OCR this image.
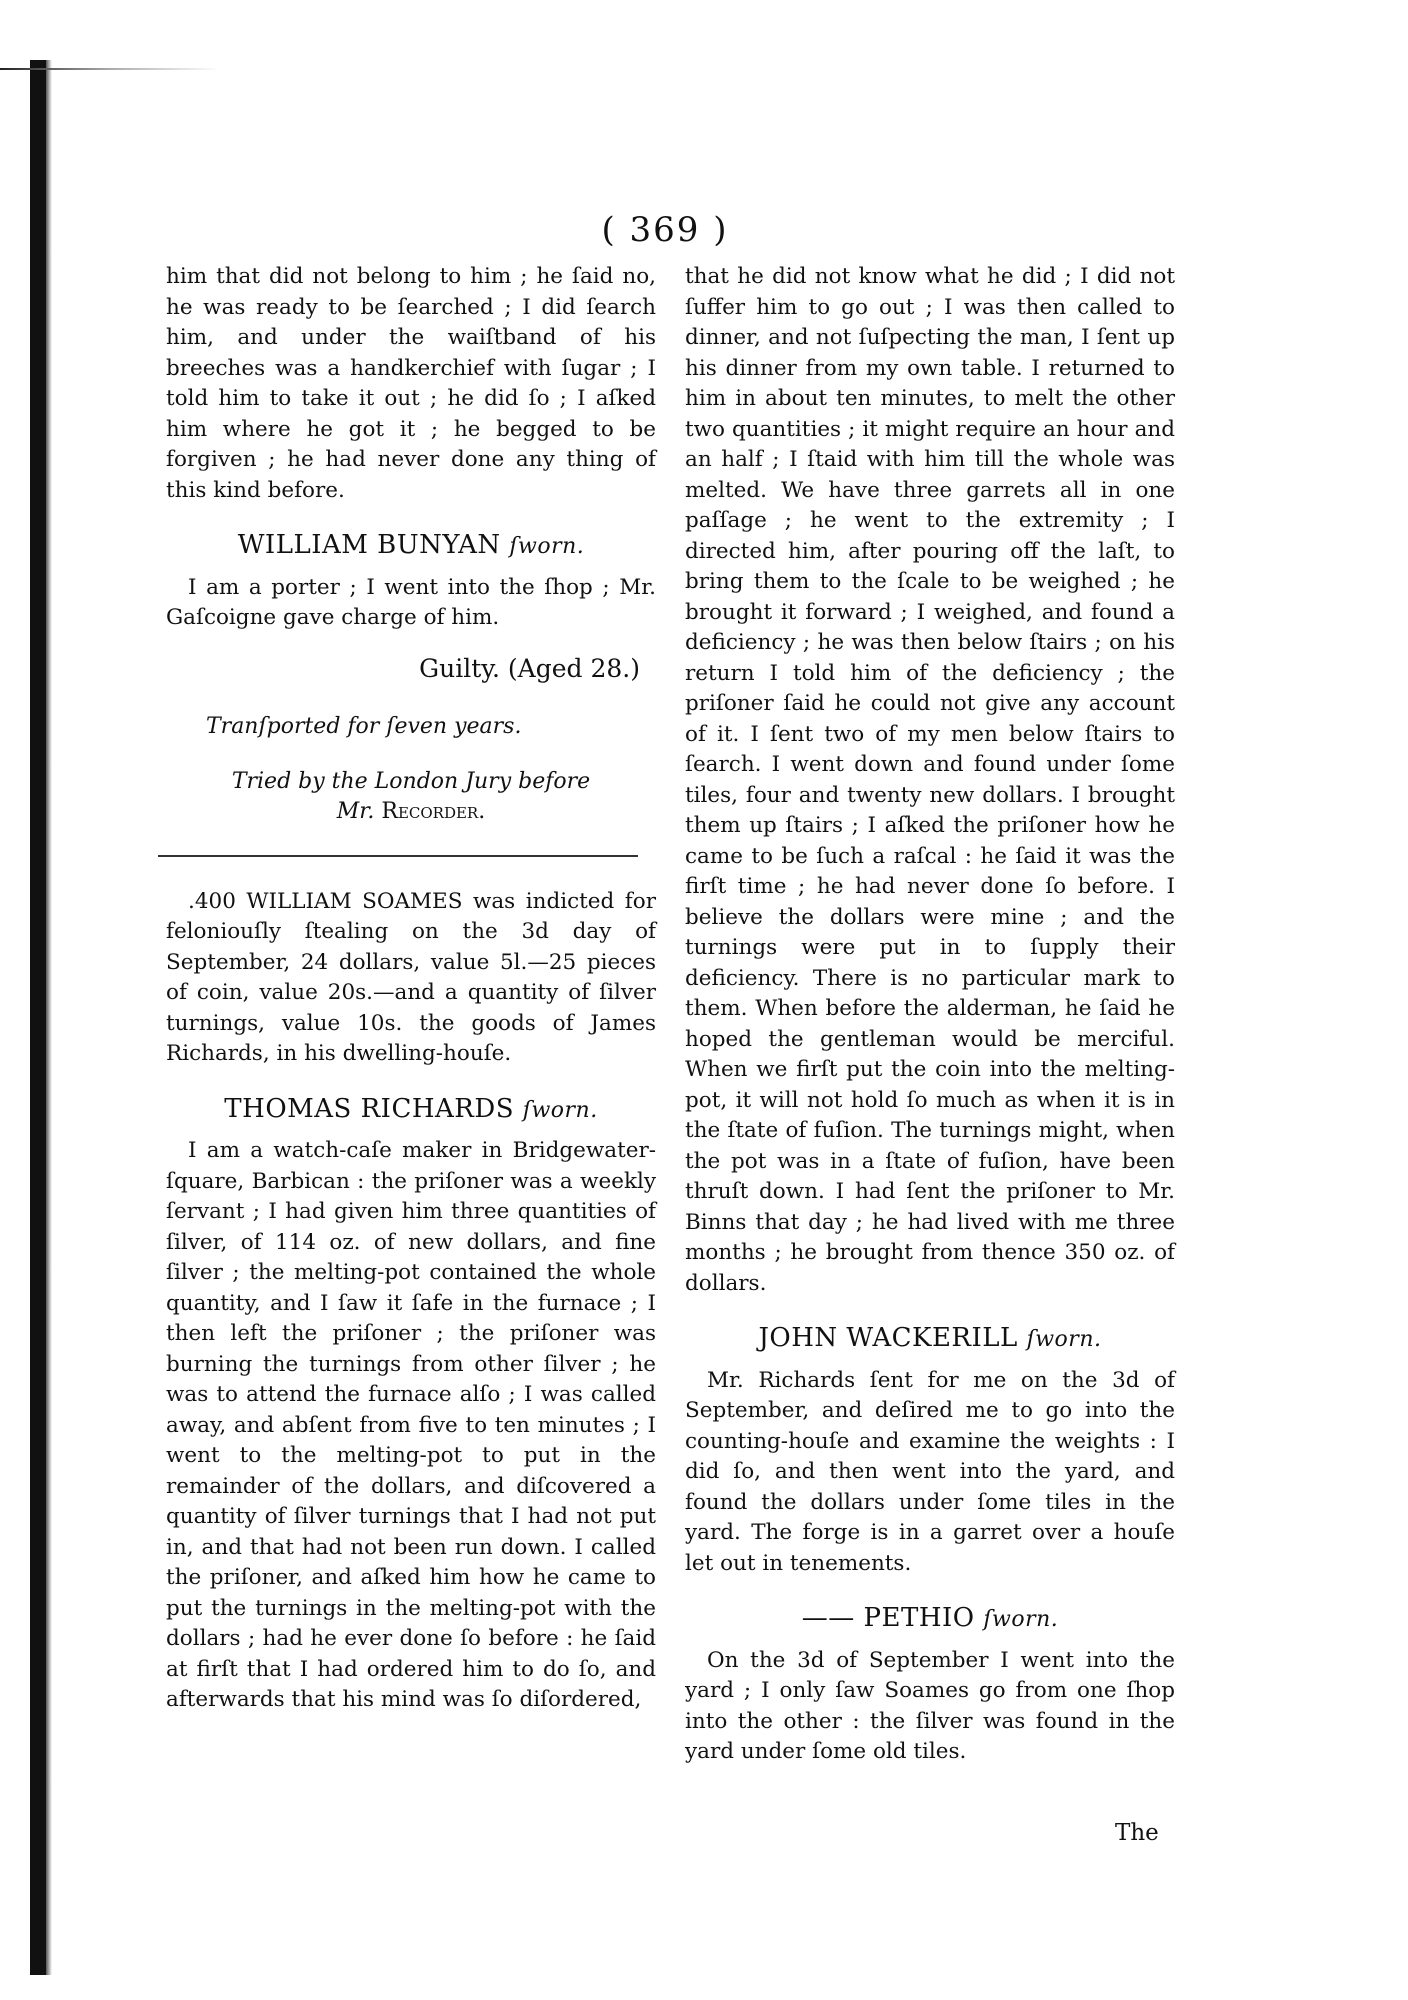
( 369 )

him that did not belong to him ; he ſaid no, he was ready to be ſearched ; I did ſearch him, and under the waiſtband of his breeches was a handkerchief with ſugar ; I told him to take it out ; he did ſo ; I aſked him where he got it ; he begged to be forgiven ; he had never done any thing of this kind before.

WILLIAM BUNYAN ſworn.

I am a porter ; I went into the ſhop ; Mr. Gaſcoigne gave charge of him.

Guilty. (Aged 28.)
Tranſported for ſeven years.
Tried by the London Jury before
Mr. Recorder.

.400 WILLIAM SOAMES was indicted for feloniouſly ſtealing on the 3d day of September, 24 dollars, value 5l.—25 pieces of coin, value 20s.—and a quantity of ſilver turnings, value 10s. the goods of James Richards, in his dwelling-houſe.

THOMAS RICHARDS ſworn.

I am a watch-caſe maker in Bridgewater-ſquare, Barbican : the priſoner was a weekly ſervant ; I had given him three quantities of ſilver, of 114 oz. of new dollars, and fine ſilver ; the melting-pot contained the whole quantity, and I ſaw it ſafe in the furnace ; I then left the priſoner ; the priſoner was burning the turnings from other ſilver ; he was to attend the furnace alſo ; I was called away, and abſent from five to ten minutes ; I went to the melting-pot to put in the remainder of the dollars, and diſcovered a quantity of ſilver turnings that I had not put in, and that had not been run down. I called the priſoner, and aſked him how he came to put the turnings in the melting-pot with the dollars ; had he ever done ſo before : he ſaid at firſt that I had ordered him to do ſo, and afterwards that his mind was ſo diſordered,

that he did not know what he did ; I did not ſuffer him to go out ; I was then called to dinner, and not ſuſpecting the man, I ſent up his dinner from my own table. I returned to him in about ten minutes, to melt the other two quantities ; it might require an hour and an half ; I ſtaid with him till the whole was melted. We have three garrets all in one paſſage ; he went to the extremity ; I directed him, after pouring off the laſt, to bring them to the ſcale to be weighed ; he brought it forward ; I weighed, and found a deficiency ; he was then below ſtairs ; on his return I told him of the deficiency ; the priſoner ſaid he could not give any account of it. I ſent two of my men below ſtairs to ſearch. I went down and found under ſome tiles, four and twenty new dollars. I brought them up ſtairs ; I aſked the priſoner how he came to be ſuch a raſcal : he ſaid it was the firſt time ; he had never done ſo before. I believe the dollars were mine ; and the turnings were put in to ſupply their deficiency. There is no particular mark to them. When before the alderman, he ſaid he hoped the gentleman would be merciful. When we firſt put the coin into the melting-pot, it will not hold ſo much as when it is in the ſtate of fuſion. The turnings might, when the pot was in a ſtate of fuſion, have been thruſt down. I had ſent the priſoner to Mr. Binns that day ; he had lived with me three months ; he brought from thence 350 oz. of dollars.

JOHN WACKERILL ſworn.

Mr. Richards ſent for me on the 3d of September, and deſired me to go into the counting-houſe and examine the weights : I did ſo, and then went into the yard, and found the dollars under ſome tiles in the yard. The forge is in a garret over a houſe let out in tenements.

—— PETHIO ſworn.

On the 3d of September I went into the yard ; I only ſaw Soames go from one ſhop into the other : the ſilver was found in the yard under ſome old tiles.

The
